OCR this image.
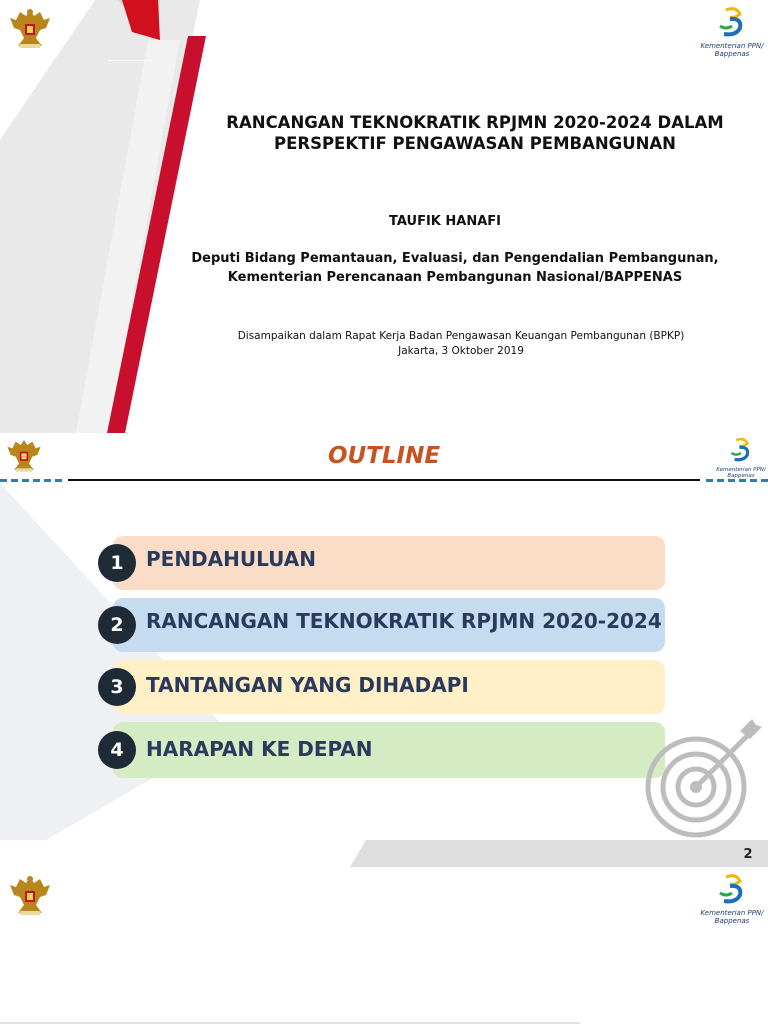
Kementerian PPN/
Bappenas
RANCANGAN TEKNOKRATIK RPJMN 2020-2024 DALAM
PERSPEKTIF PENGAWASAN PEMBANGUNAN
TAUFIK HANAFI
Deputi Bidang Pemantauan, Evaluasi, dan Pengendalian Pembangunan,
Kementerian Perencanaan Pembangunan Nasional/BAPPENAS
Disampaikan dalam Rapat Kerja Badan Pengawasan Keuangan Pembangunan (BPKP)
Jakarta, 3 Oktober 2019
Kementerian PPN/
Bappenas
OUTLINE
1	PENDAHULUAN
2	RANCANGAN TEKNOKRATIK RPJMN 2020-2024
3	TANTANGAN YANG DIHADAPI
4	HARAPAN KE DEPAN
2
Kementerian PPN/
Bappenas
